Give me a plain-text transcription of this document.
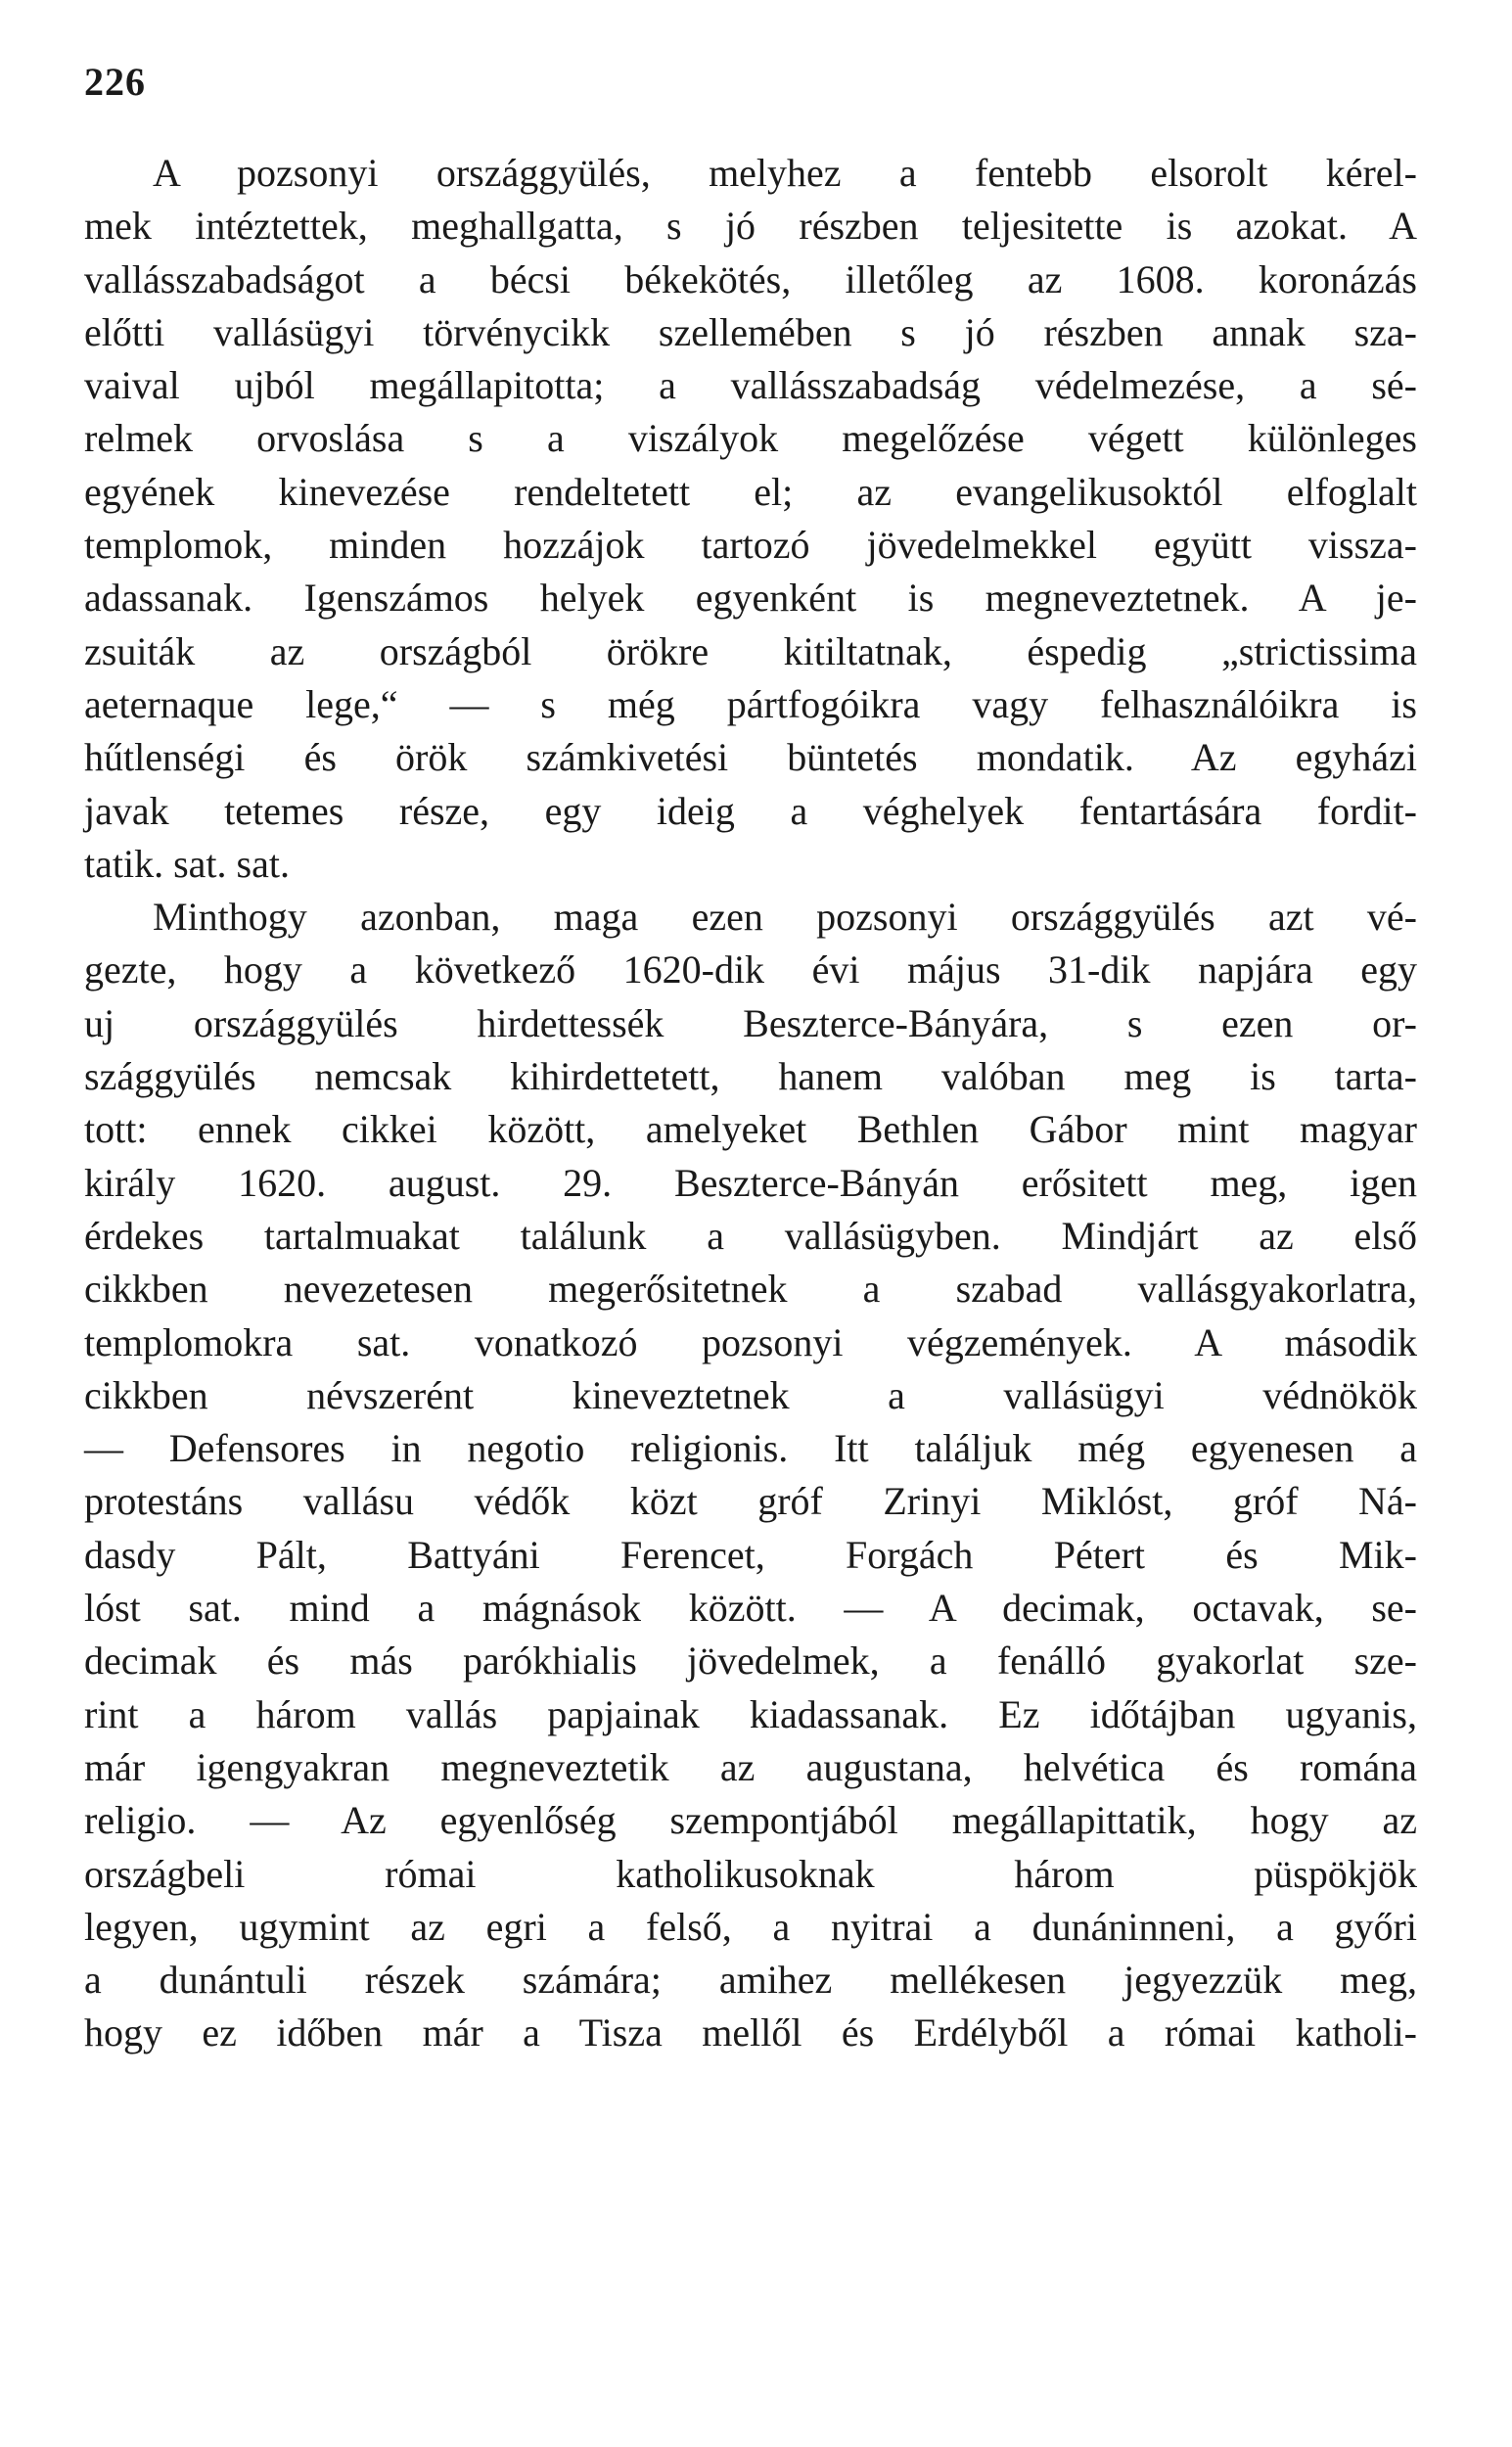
226

A pozsonyi országgyülés, melyhez a fentebb elsorolt kérel-
mek intéztettek, meghallgatta, s jó részben teljesitette is azokat. A
vallásszabadságot a bécsi békekötés, illetőleg az 1608. koronázás
előtti vallásügyi törvénycikk szellemében s jó részben annak sza-
vaival ujból megállapitotta; a vallásszabadság védelmezése, a sé-
relmek orvoslása s a viszályok megelőzése végett különleges
egyének kinevezése rendeltetett el; az evangelikusoktól elfoglalt
templomok, minden hozzájok tartozó jövedelmekkel együtt vissza-
adassanak. Igenszámos helyek egyenként is megneveztetnek. A je-
zsuiták az országból örökre kitiltatnak, éspedig „strictissima
aeternaque lege,“ — s még pártfogóikra vagy felhasználóikra is
hűtlenségi és örök számkivetési büntetés mondatik. Az egyházi
javak tetemes része, egy ideig a véghelyek fentartására fordit-
tatik. sat. sat.

Minthogy azonban, maga ezen pozsonyi országgyülés azt vé-
gezte, hogy a következő 1620-dik évi május 31-dik napjára egy
uj országgyülés hirdettessék Beszterce-Bányára, s ezen or-
szággyülés nemcsak kihirdettetett, hanem valóban meg is tarta-
tott: ennek cikkei között, amelyeket Bethlen Gábor mint magyar
király 1620. august. 29. Beszterce-Bányán erősitett meg, igen
érdekes tartalmuakat találunk a vallásügyben. Mindjárt az első
cikkben nevezetesen megerősitetnek a szabad vallásgyakorlatra,
templomokra sat. vonatkozó pozsonyi végzemények. A második
cikkben névszerént kineveztetnek a vallásügyi védnökök
— Defensores in negotio religionis. Itt találjuk még egyenesen a
protestáns vallásu védők közt gróf Zrinyi Miklóst, gróf Ná-
dasdy Pált, Battyáni Ferencet, Forgách Pétert és Mik-
lóst sat. mind a mágnások között. — A decimak, octavak, se-
decimak és más parókhialis jövedelmek, a fenálló gyakorlat sze-
rint a három vallás papjainak kiadassanak. Ez időtájban ugyanis,
már igengyakran megneveztetik az augustana, helvética és romána
religio. — Az egyenlőség szempontjából megállapittatik, hogy az
országbeli római katholikusoknak három püspökjök
legyen, ugymint az egri a felső, a nyitrai a dunáninneni, a győri
a dunántuli részek számára; amihez mellékesen jegyezzük meg,
hogy ez időben már a Tisza mellől és Erdélyből a római katholi-
